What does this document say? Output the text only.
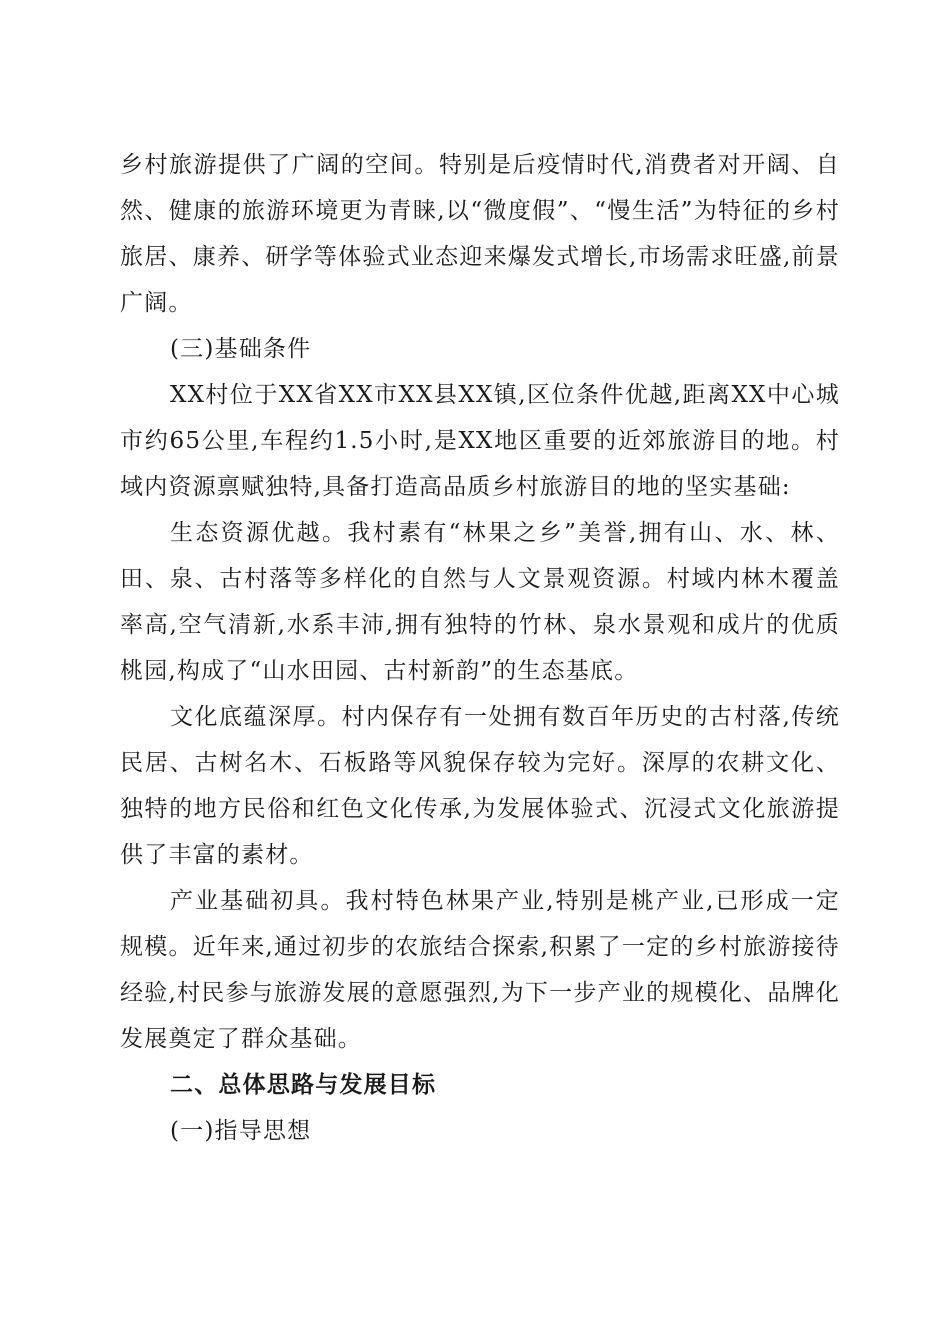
乡村旅游提供了广阔的空间。特别是后疫情时代,消费者对开阔、自然、健康的旅游环境更为青睐,以“微度假”、“慢生活”为特征的乡村旅居、康养、研学等体验式业态迎来爆发式增长,市场需求旺盛,前景广阔。

(三)基础条件

XX村位于XX省XX市XX县XX镇,区位条件优越,距离XX中心城市约65公里,车程约1.5小时,是XX地区重要的近郊旅游目的地。村域内资源禀赋独特,具备打造高品质乡村旅游目的地的坚实基础:

生态资源优越。我村素有“林果之乡”美誉,拥有山、水、林、田、泉、古村落等多样化的自然与人文景观资源。村域内林木覆盖率高,空气清新,水系丰沛,拥有独特的竹林、泉水景观和成片的优质桃园,构成了“山水田园、古村新韵”的生态基底。

文化底蕴深厚。村内保存有一处拥有数百年历史的古村落,传统民居、古树名木、石板路等风貌保存较为完好。深厚的农耕文化、独特的地方民俗和红色文化传承,为发展体验式、沉浸式文化旅游提供了丰富的素材。

产业基础初具。我村特色林果产业,特别是桃产业,已形成一定规模。近年来,通过初步的农旅结合探索,积累了一定的乡村旅游接待经验,村民参与旅游发展的意愿强烈,为下一步产业的规模化、品牌化发展奠定了群众基础。

二、总体思路与发展目标

(一)指导思想
